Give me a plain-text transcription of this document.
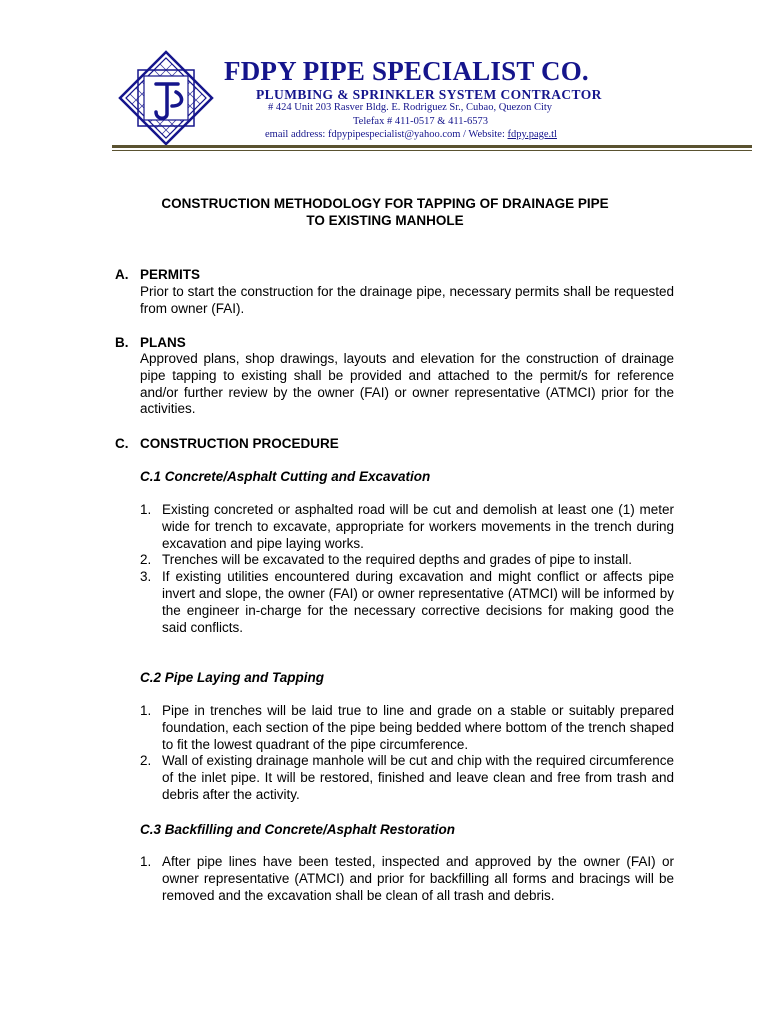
FDPY PIPE SPECIALIST CO.
PLUMBING & SPRINKLER SYSTEM CONTRACTOR
# 424 Unit 203 Rasver Bldg. E. Rodriguez Sr., Cubao, Quezon City
Telefax # 411-0517 & 411-6573
email address: fdpypipespecialist@yahoo.com / Website: fdpy.page.tl
CONSTRUCTION METHODOLOGY FOR TAPPING OF DRAINAGE PIPE
TO EXISTING MANHOLE
A. PERMITS
Prior to start the construction for the drainage pipe, necessary permits shall be requested from owner (FAI).
B. PLANS
Approved plans, shop drawings, layouts and elevation for the construction of drainage pipe tapping to existing shall be provided and attached to the permit/s for reference and/or further review by the owner (FAI) or owner representative (ATMCI) prior for the activities.
C. CONSTRUCTION PROCEDURE
C.1 Concrete/Asphalt Cutting and Excavation
1. Existing concreted or asphalted road will be cut and demolish at least one (1) meter wide for trench to excavate, appropriate for workers movements in the trench during excavation and pipe laying works.
2. Trenches will be excavated to the required depths and grades of pipe to install.
3. If existing utilities encountered during excavation and might conflict or affects pipe invert and slope, the owner (FAI) or owner representative (ATMCI) will be informed by the engineer in-charge for the necessary corrective decisions for making good the said conflicts.
C.2 Pipe Laying and Tapping
1. Pipe in trenches will be laid true to line and grade on a stable or suitably prepared foundation, each section of the pipe being bedded where bottom of the trench shaped to fit the lowest quadrant of the pipe circumference.
2. Wall of existing drainage manhole will be cut and chip with the required circumference of the inlet pipe. It will be restored, finished and leave clean and free from trash and debris after the activity.
C.3 Backfilling and Concrete/Asphalt Restoration
1. After pipe lines have been tested, inspected and approved by the owner (FAI) or owner representative (ATMCI) and prior for backfilling all forms and bracings will be removed and the excavation shall be clean of all trash and debris.
